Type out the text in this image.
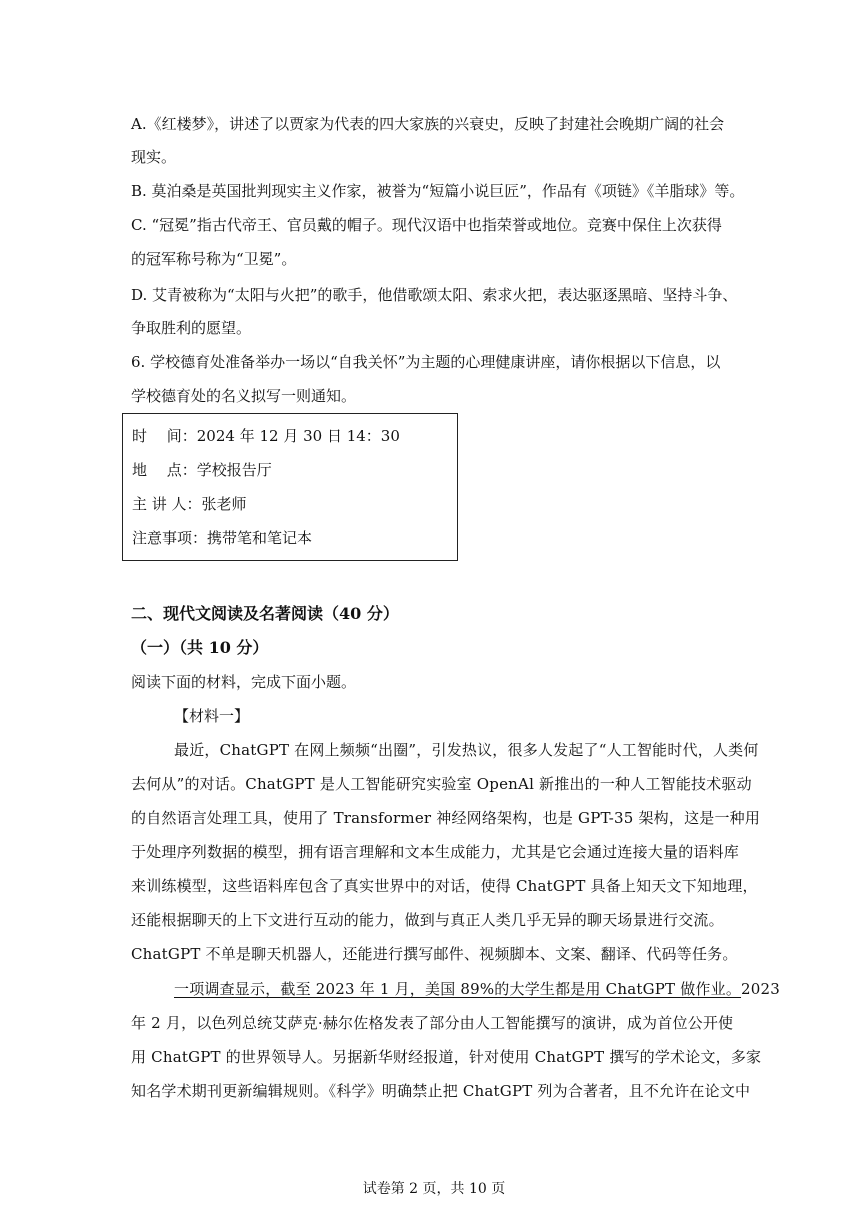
A.《红楼梦》，讲述了以贾家为代表的四大家族的兴衰史，反映了封建社会晚期广阔的社会
现实。
B. 莫泊桑是英国批判现实主义作家，被誉为“短篇小说巨匠”，作品有《项链》《羊脂球》等。
C. “冠冕”指古代帝王、官员戴的帽子。现代汉语中也指荣誉或地位。竞赛中保住上次获得
的冠军称号称为“卫冕”。
D. 艾青被称为“太阳与火把”的歌手，他借歌颂太阳、索求火把，表达驱逐黑暗、坚持斗争、
争取胜利的愿望。
6. 学校德育处准备举办一场以“自我关怀”为主题的心理健康讲座，请你根据以下信息，以
学校德育处的名义拟写一则通知。
时　 间：2024 年 12 月 30 日 14：30
地　 点：学校报告厅
主 讲 人：张老师
注意事项：携带笔和笔记本
二、现代文阅读及名著阅读（40 分）
（一）（共 10 分）
阅读下面的材料，完成下面小题。
【材料一】
最近，ChatGPT 在网上频频“出圈”，引发热议，很多人发起了“人工智能时代，人类何
去何从”的对话。ChatGPT 是人工智能研究实验室 OpenAl 新推出的一种人工智能技术驱动
的自然语言处理工具，使用了 Transformer 神经网络架构，也是 GPT-35 架构，这是一种用
于处理序列数据的模型，拥有语言理解和文本生成能力，尤其是它会通过连接大量的语料库
来训练模型，这些语料库包含了真实世界中的对话，使得 ChatGPT 具备上知天文下知地理，
还能根据聊天的上下文进行互动的能力，做到与真正人类几乎无异的聊天场景进行交流。
ChatGPT 不单是聊天机器人，还能进行撰写邮件、视频脚本、文案、翻译、代码等任务。
一项调查显示，截至 2023 年 1 月，美国 89%的大学生都是用 ChatGPT 做作业。2023
年 2 月，以色列总统艾萨克·赫尔佐格发表了部分由人工智能撰写的演讲，成为首位公开使
用 ChatGPT 的世界领导人。另据新华财经报道，针对使用 ChatGPT 撰写的学术论文，多家
知名学术期刊更新编辑规则。《科学》明确禁止把 ChatGPT 列为合著者，且不允许在论文中
试卷第 2 页，共 10 页
